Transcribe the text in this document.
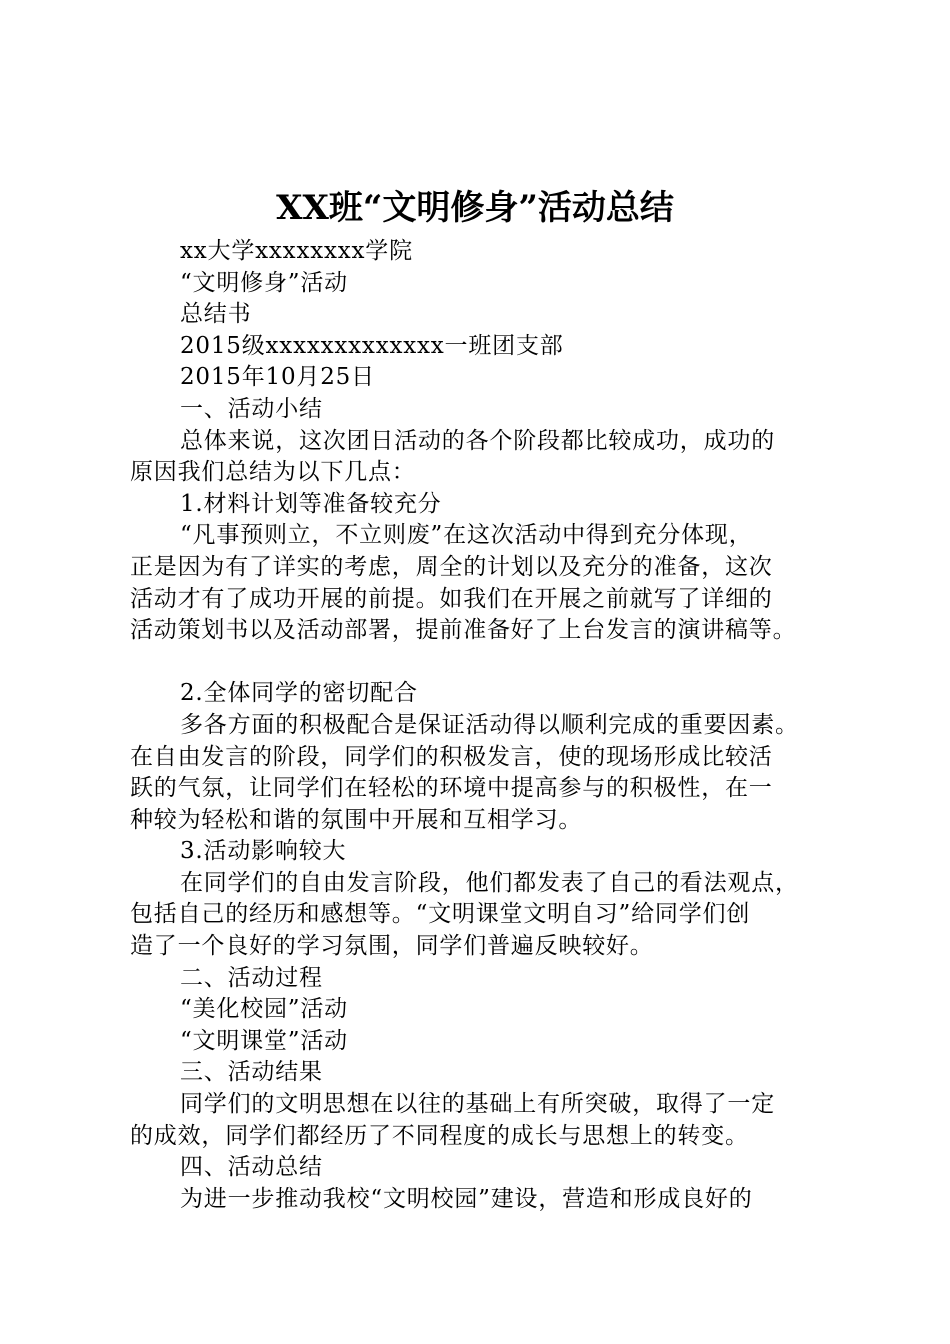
XX班“文明修身”活动总结
xx大学xxxxxxxx学院
“文明修身”活动
总结书
2015级xxxxxxxxxxxxx一班团支部
2015年10月25日
一、活动小结
总体来说，这次团日活动的各个阶段都比较成功，成功的
原因我们总结为以下几点：
1.材料计划等准备较充分
“凡事预则立，不立则废”在这次活动中得到充分体现，
正是因为有了详实的考虑，周全的计划以及充分的准备，这次
活动才有了成功开展的前提。如我们在开展之前就写了详细的
活动策划书以及活动部署，提前准备好了上台发言的演讲稿等。
2.全体同学的密切配合
多各方面的积极配合是保证活动得以顺利完成的重要因素。
在自由发言的阶段，同学们的积极发言，使的现场形成比较活
跃的气氛，让同学们在轻松的环境中提高参与的积极性，在一
种较为轻松和谐的氛围中开展和互相学习。
3.活动影响较大
在同学们的自由发言阶段，他们都发表了自己的看法观点，
包括自己的经历和感想等。“文明课堂文明自习”给同学们创
造了一个良好的学习氛围，同学们普遍反映较好。
二、活动过程
“美化校园”活动
“文明课堂”活动
三、活动结果
同学们的文明思想在以往的基础上有所突破，取得了一定
的成效，同学们都经历了不同程度的成长与思想上的转变。
四、活动总结
为进一步推动我校“文明校园”建设，营造和形成良好的
